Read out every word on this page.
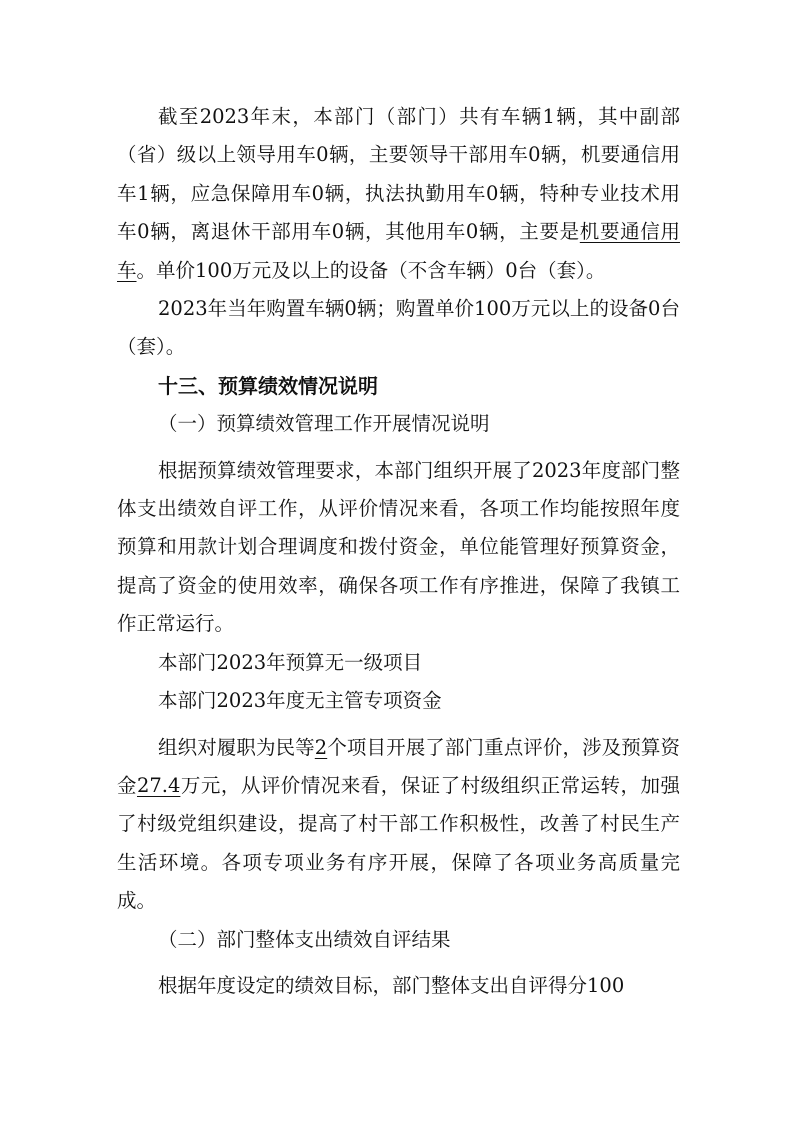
截至2023年末，本部门（部门）共有车辆1辆，其中副部（省）级以上领导用车0辆，主要领导干部用车0辆，机要通信用车1辆，应急保障用车0辆，执法执勤用车0辆，特种专业技术用车0辆，离退休干部用车0辆，其他用车0辆，主要是机要通信用车。单价100万元及以上的设备（不含车辆）0台（套）。

2023年当年购置车辆0辆；购置单价100万元以上的设备0台（套）。

十三、预算绩效情况说明

（一）预算绩效管理工作开展情况说明

根据预算绩效管理要求，本部门组织开展了2023年度部门整体支出绩效自评工作，从评价情况来看，各项工作均能按照年度预算和用款计划合理调度和拨付资金，单位能管理好预算资金，提高了资金的使用效率，确保各项工作有序推进，保障了我镇工作正常运行。

本部门2023年预算无一级项目

本部门2023年度无主管专项资金

组织对履职为民等2个项目开展了部门重点评价，涉及预算资金27.4万元，从评价情况来看，保证了村级组织正常运转，加强了村级党组织建设，提高了村干部工作积极性，改善了村民生产生活环境。各项专项业务有序开展，保障了各项业务高质量完成。

（二）部门整体支出绩效自评结果

根据年度设定的绩效目标，部门整体支出自评得分100
